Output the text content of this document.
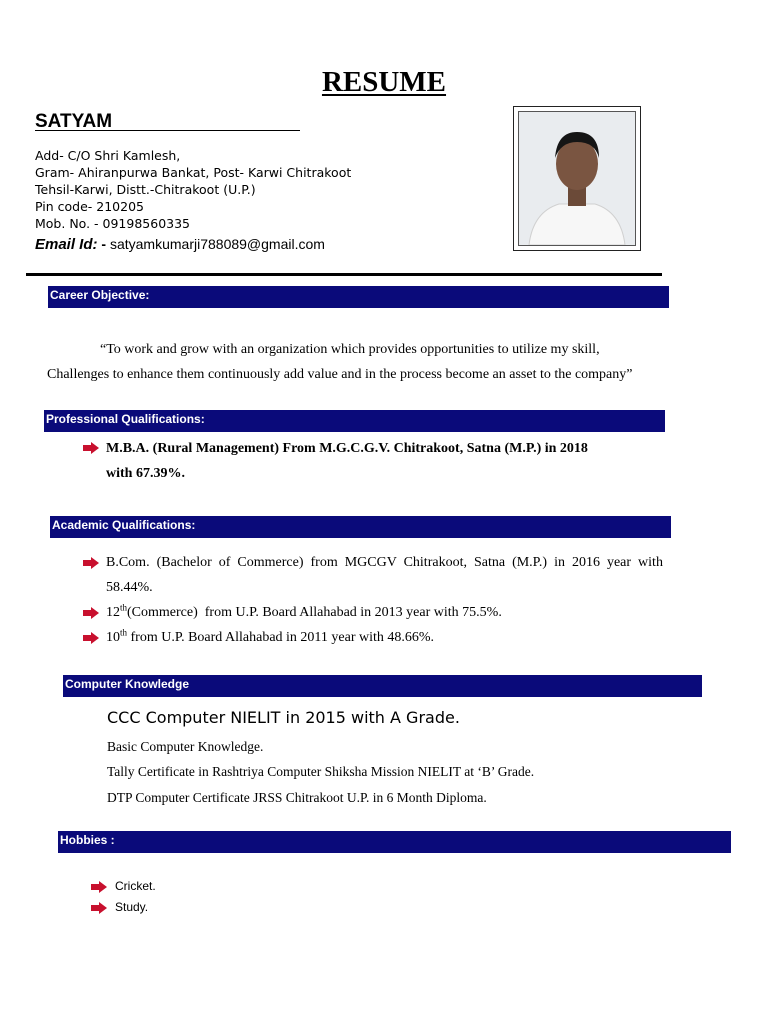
RESUME
SATYAM
Add- C/O Shri Kamlesh,
Gram- Ahiranpurwa Bankat, Post- Karwi Chitrakoot
Tehsil-Karwi, Distt.-Chitrakoot (U.P.)
Pin code- 210205
Mob. No. - 09198560335
Email Id: - satyamkumarji788089@gmail.com
Career Objective:
“To work and grow with an organization which provides opportunities to utilize my skill,
Challenges to enhance them continuously add value and in the process become an asset to the company”
Professional Qualifications:
M.B.A. (Rural Management) From M.G.C.G.V. Chitrakoot, Satna (M.P.) in 2018
with 67.39%.
Academic Qualifications:
B.Com.  (Bachelor  of  Commerce)  from  MGCGV  Chitrakoot,  Satna  (M.P.)  in  2016  year  with
58.44%.
12th(Commerce)  from U.P. Board Allahabad in 2013 year with 75.5%.
10th from U.P. Board Allahabad in 2011 year with 48.66%.
Computer Knowledge
CCC Computer NIELIT in 2015 with A Grade.
Basic Computer Knowledge.
Tally Certificate in Rashtriya Computer Shiksha Mission NIELIT at ‘B’ Grade.
DTP Computer Certificate JRSS Chitrakoot U.P. in 6 Month Diploma.
Hobbies :
Cricket.
Study.
